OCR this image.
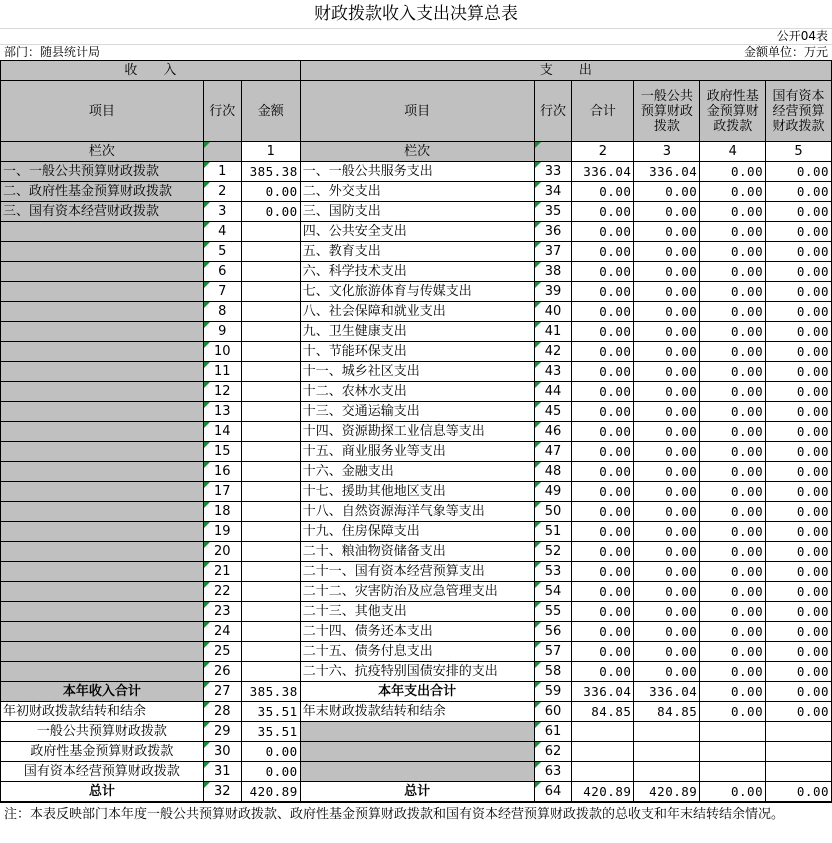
财政拨款收入支出决算总表
公开04表
部门：随县统计局	金额单位：万元
收　　入			支　　出					
项目	行次	金额	项目	行次	合计	一般公共预算财政拨款	政府性基金预算财政拨款	国有资本经营预算财政拨款
栏次		1	栏次		2	3	4	5
一、一般公共预算财政拨款	1	385.38	一、一般公共服务支出	33	336.04	336.04	0.00	0.00
二、政府性基金预算财政拨款	2	0.00	二、外交支出	34	0.00	0.00	0.00	0.00
三、国有资本经营财政拨款	3	0.00	三、国防支出	35	0.00	0.00	0.00	0.00
	4		四、公共安全支出	36	0.00	0.00	0.00	0.00
	5		五、教育支出	37	0.00	0.00	0.00	0.00
	6		六、科学技术支出	38	0.00	0.00	0.00	0.00
	7		七、文化旅游体育与传媒支出	39	0.00	0.00	0.00	0.00
	8		八、社会保障和就业支出	40	0.00	0.00	0.00	0.00
	9		九、卫生健康支出	41	0.00	0.00	0.00	0.00
	10		十、节能环保支出	42	0.00	0.00	0.00	0.00
	11		十一、城乡社区支出	43	0.00	0.00	0.00	0.00
	12		十二、农林水支出	44	0.00	0.00	0.00	0.00
	13		十三、交通运输支出	45	0.00	0.00	0.00	0.00
	14		十四、资源勘探工业信息等支出	46	0.00	0.00	0.00	0.00
	15		十五、商业服务业等支出	47	0.00	0.00	0.00	0.00
	16		十六、金融支出	48	0.00	0.00	0.00	0.00
	17		十七、援助其他地区支出	49	0.00	0.00	0.00	0.00
	18		十八、自然资源海洋气象等支出	50	0.00	0.00	0.00	0.00
	19		十九、住房保障支出	51	0.00	0.00	0.00	0.00
	20		二十、粮油物资储备支出	52	0.00	0.00	0.00	0.00
	21		二十一、国有资本经营预算支出	53	0.00	0.00	0.00	0.00
	22		二十二、灾害防治及应急管理支出	54	0.00	0.00	0.00	0.00
	23		二十三、其他支出	55	0.00	0.00	0.00	0.00
	24		二十四、债务还本支出	56	0.00	0.00	0.00	0.00
	25		二十五、债务付息支出	57	0.00	0.00	0.00	0.00
	26		二十六、抗疫特别国债安排的支出	58	0.00	0.00	0.00	0.00
本年收入合计	27	385.38	本年支出合计	59	336.04	336.04	0.00	0.00
年初财政拨款结转和结余	28	35.51	年末财政拨款结转和结余	60	84.85	84.85	0.00	0.00
一般公共预算财政拨款	29	35.51		61				
政府性基金预算财政拨款	30	0.00		62				
国有资本经营预算财政拨款	31	0.00		63				
总计	32	420.89	总计	64	420.89	420.89	0.00	0.00
注：本表反映部门本年度一般公共预算财政拨款、政府性基金预算财政拨款和国有资本经营预算财政拨款的总收支和年末结转结余情况。
